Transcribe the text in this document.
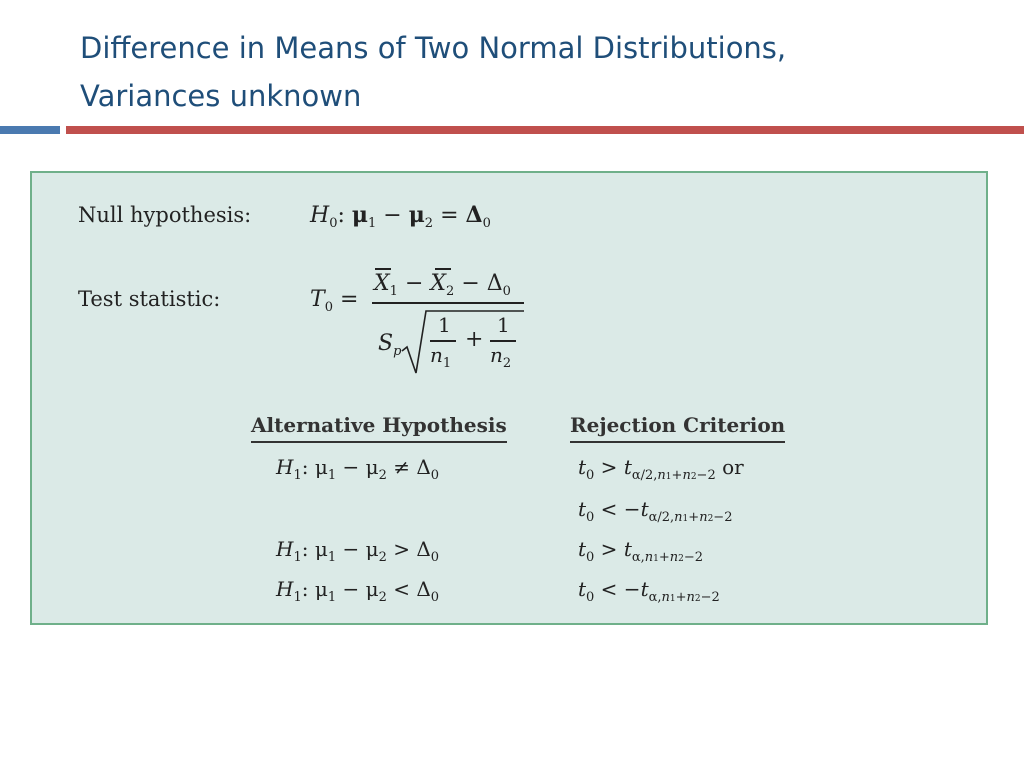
Difference in Means of Two Normal Distributions,
Variances unknown
Null hypothesis:	$H_0$: $\mu_1 - \mu_2 = \Delta_0$
Test statistic:	$T_0$ =
$X_1 - X_2 - \Delta_0$
$S_p$
1
$n_1$
+
1
$n_2$
Alternative Hypothesis	Rejection Criterion
$H_1$: $\mu_1 - \mu_2 \ne \Delta_0$	$t_0 > t_{\alpha/2,n1+n2-2}$ or
$t_0 < -t_{\alpha/2,n1+n2-2}$
$H_1$: $\mu_1 - \mu_2 > \Delta_0$	$t_0 > t_{\alpha,n1+n2-2}$
$H_1$: $\mu_1 - \mu_2 < \Delta_0$	$t_0 < -t_{\alpha,n1+n2-2}$
